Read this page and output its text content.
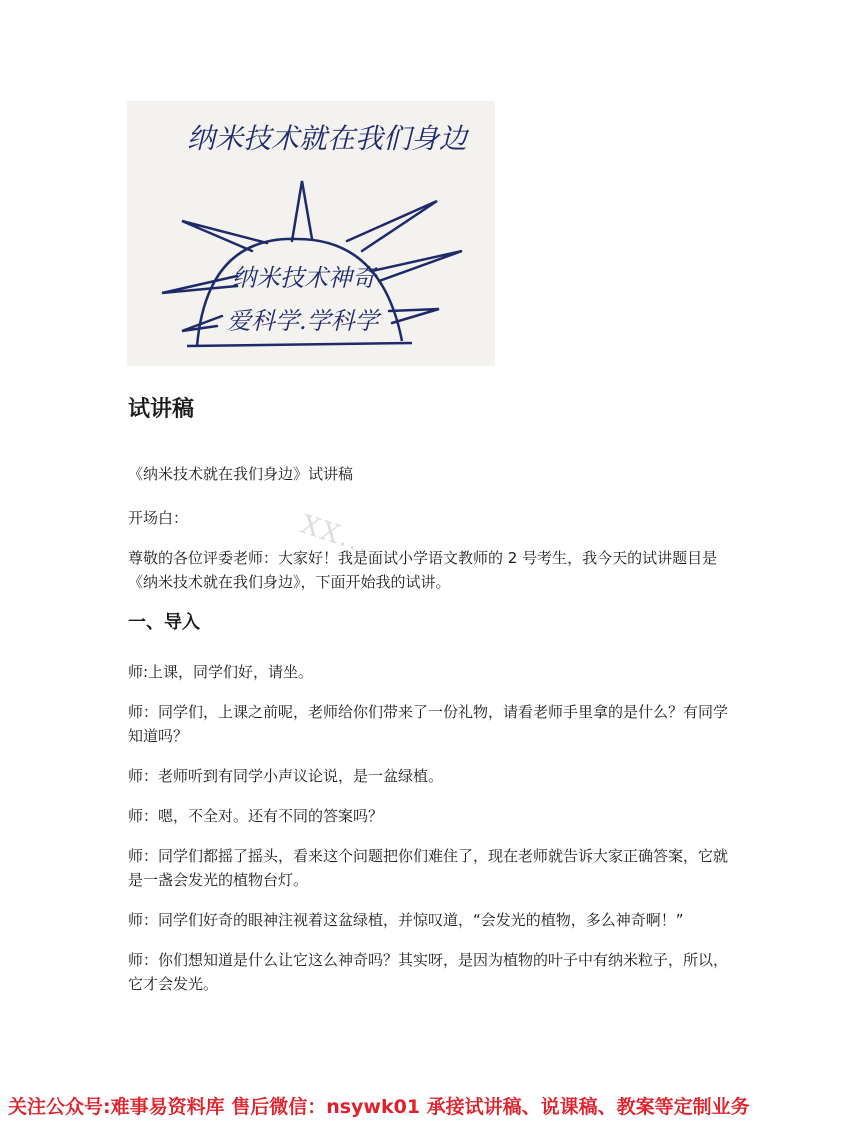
纳米技术就在我们身边
纳米技术神奇
爱科学.学科学
XX...
试讲稿

《纳米技术就在我们身边》试讲稿

开场白：

尊敬的各位评委老师：大家好！我是面试小学语文教师的 2 号考生，我今天的试讲题目是《纳米技术就在我们身边》，下面开始我的试讲。

一、导入

师:上课，同学们好，请坐。

师：同学们，上课之前呢，老师给你们带来了一份礼物，请看老师手里拿的是什么？有同学知道吗？

师：老师听到有同学小声议论说，是一盆绿植。

师：嗯，不全对。还有不同的答案吗？

师：同学们都摇了摇头，看来这个问题把你们难住了，现在老师就告诉大家正确答案，它就是一盏会发光的植物台灯。

师：同学们好奇的眼神注视着这盆绿植，并惊叹道，“会发光的植物，多么神奇啊！”

师：你们想知道是什么让它这么神奇吗？其实呀，是因为植物的叶子中有纳米粒子，所以，它才会发光。

关注公众号:难事易资料库 售后微信：nsywk01 承接试讲稿、说课稿、教案等定制业务
